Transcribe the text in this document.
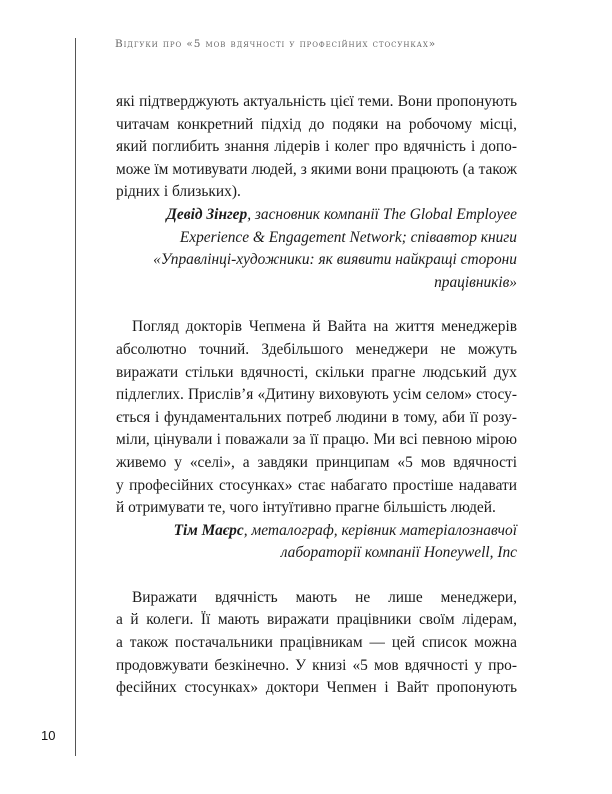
Відгуки про «5 мов вдячності у професійних стосунках»
які підтверджують актуальність цієї теми. Вони пропонують
читачам конкретний підхід до подяки на робочому місці,
який поглибить знання лідерів і колег про вдячність і допо-
може їм мотивувати людей, з якими вони працюють (а також
рідних і близьких).
Девід Зінгер, засновник компанії The Global Employee
Experience & Engagement Network; співавтор книги
«Управлінці-художники: як виявити найкращі сторони
працівників»
Погляд докторів Чепмена й Вайта на життя менеджерів
абсолютно точний. Здебільшого менеджери не можуть
виражати стільки вдячності, скільки прагне людський дух
підлеглих. Прислів’я «Дитину виховують усім селом» стосу-
ється і фундаментальних потреб людини в тому, аби її розу-
міли, цінували і поважали за її працю. Ми всі певною мірою
живемо у «селі», а завдяки принципам «5 мов вдячності
у професійних стосунках» стає набагато простіше надавати
й отримувати те, чого інтуїтивно прагне більшість людей.
Тім Маєрс, металограф, керівник матеріалознавчої
лабораторії компанії Honeywell, Inc
Виражати вдячність мають не лише менеджери,
а й колеги. Її мають виражати працівники своїм лідерам,
а також постачальники працівникам — цей список можна
продовжувати безкінечно. У книзі «5 мов вдячності у про-
фесійних стосунках» доктори Чепмен і Вайт пропонують
10
